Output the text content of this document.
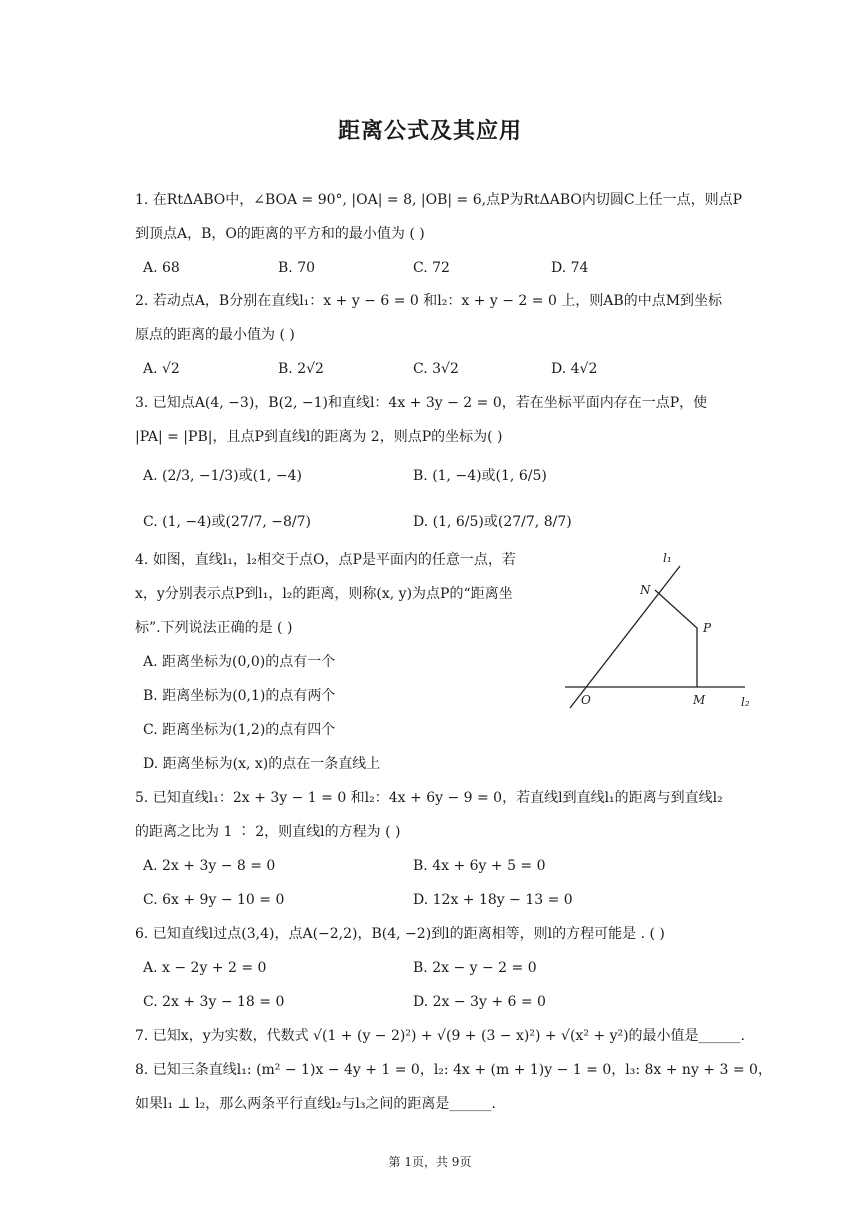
距离公式及其应用
1. 在RtΔABO中，∠BOA = 90°, |OA| = 8, |OB| = 6,点P为RtΔABO内切圆C上任一点，则点P
到顶点A，B，O的距离的平方和的最小值为 ( )
A. 68	B. 70	C. 72	D. 74
2. 若动点A，B分别在直线l₁：x + y − 6 = 0 和l₂：x + y − 2 = 0 上，则AB的中点M到坐标
原点的距离的最小值为 ( )
A. √2	B. 2√2	C. 3√2	D. 4√2
3. 已知点A(4, −3)，B(2, −1)和直线l：4x + 3y − 2 = 0，若在坐标平面内存在一点P，使
|PA| = |PB|，且点P到直线l的距离为 2，则点P的坐标为( )
A. (2/3, −1/3)或(1, −4)	B. (1, −4)或(1, 6/5)
C. (1, −4)或(27/7, −8/7)	D. (1, 6/5)或(27/7, 8/7)
4. 如图，直线l₁，l₂相交于点O，点P是平面内的任意一点，若
x，y分别表示点P到l₁，l₂的距离，则称(x, y)为点P的“距离坐
标”.下列说法正确的是 ( )
A. 距离坐标为(0,0)的点有一个
B. 距离坐标为(0,1)的点有两个
C. 距离坐标为(1,2)的点有四个
D. 距离坐标为(x, x)的点在一条直线上
l₁
l₂
N
P
O	M
5. 已知直线l₁：2x + 3y − 1 = 0 和l₂：4x + 6y − 9 = 0，若直线l到直线l₁的距离与到直线l₂
的距离之比为 1 ∶ 2，则直线l的方程为 ( )
A. 2x + 3y − 8 = 0	B. 4x + 6y + 5 = 0
C. 6x + 9y − 10 = 0	D. 12x + 18y − 13 = 0
6. 已知直线l过点(3,4)，点A(−2,2)，B(4, −2)到l的距离相等，则l的方程可能是 . ( )
A. x − 2y + 2 = 0	B. 2x − y − 2 = 0
C. 2x + 3y − 18 = 0	D. 2x − 3y + 6 = 0
7. 已知x，y为实数，代数式 √(1 + (y − 2)²) + √(9 + (3 − x)²) + √(x² + y²)的最小值是______.
8. 已知三条直线l₁: (m² − 1)x − 4y + 1 = 0，l₂: 4x + (m + 1)y − 1 = 0，l₃: 8x + ny + 3 = 0，
如果l₁ ⊥ l₂，那么两条平行直线l₂与l₃之间的距离是______.
第 1页，共 9页
